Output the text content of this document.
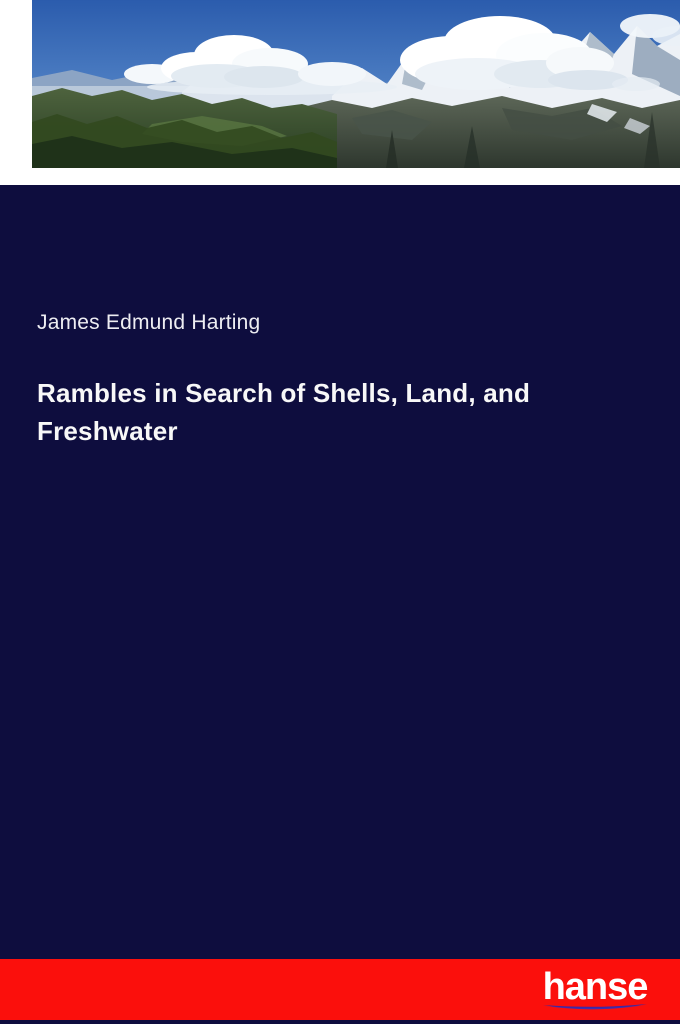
James Edmund Harting
Rambles in Search of Shells, Land, and Freshwater
hanse
